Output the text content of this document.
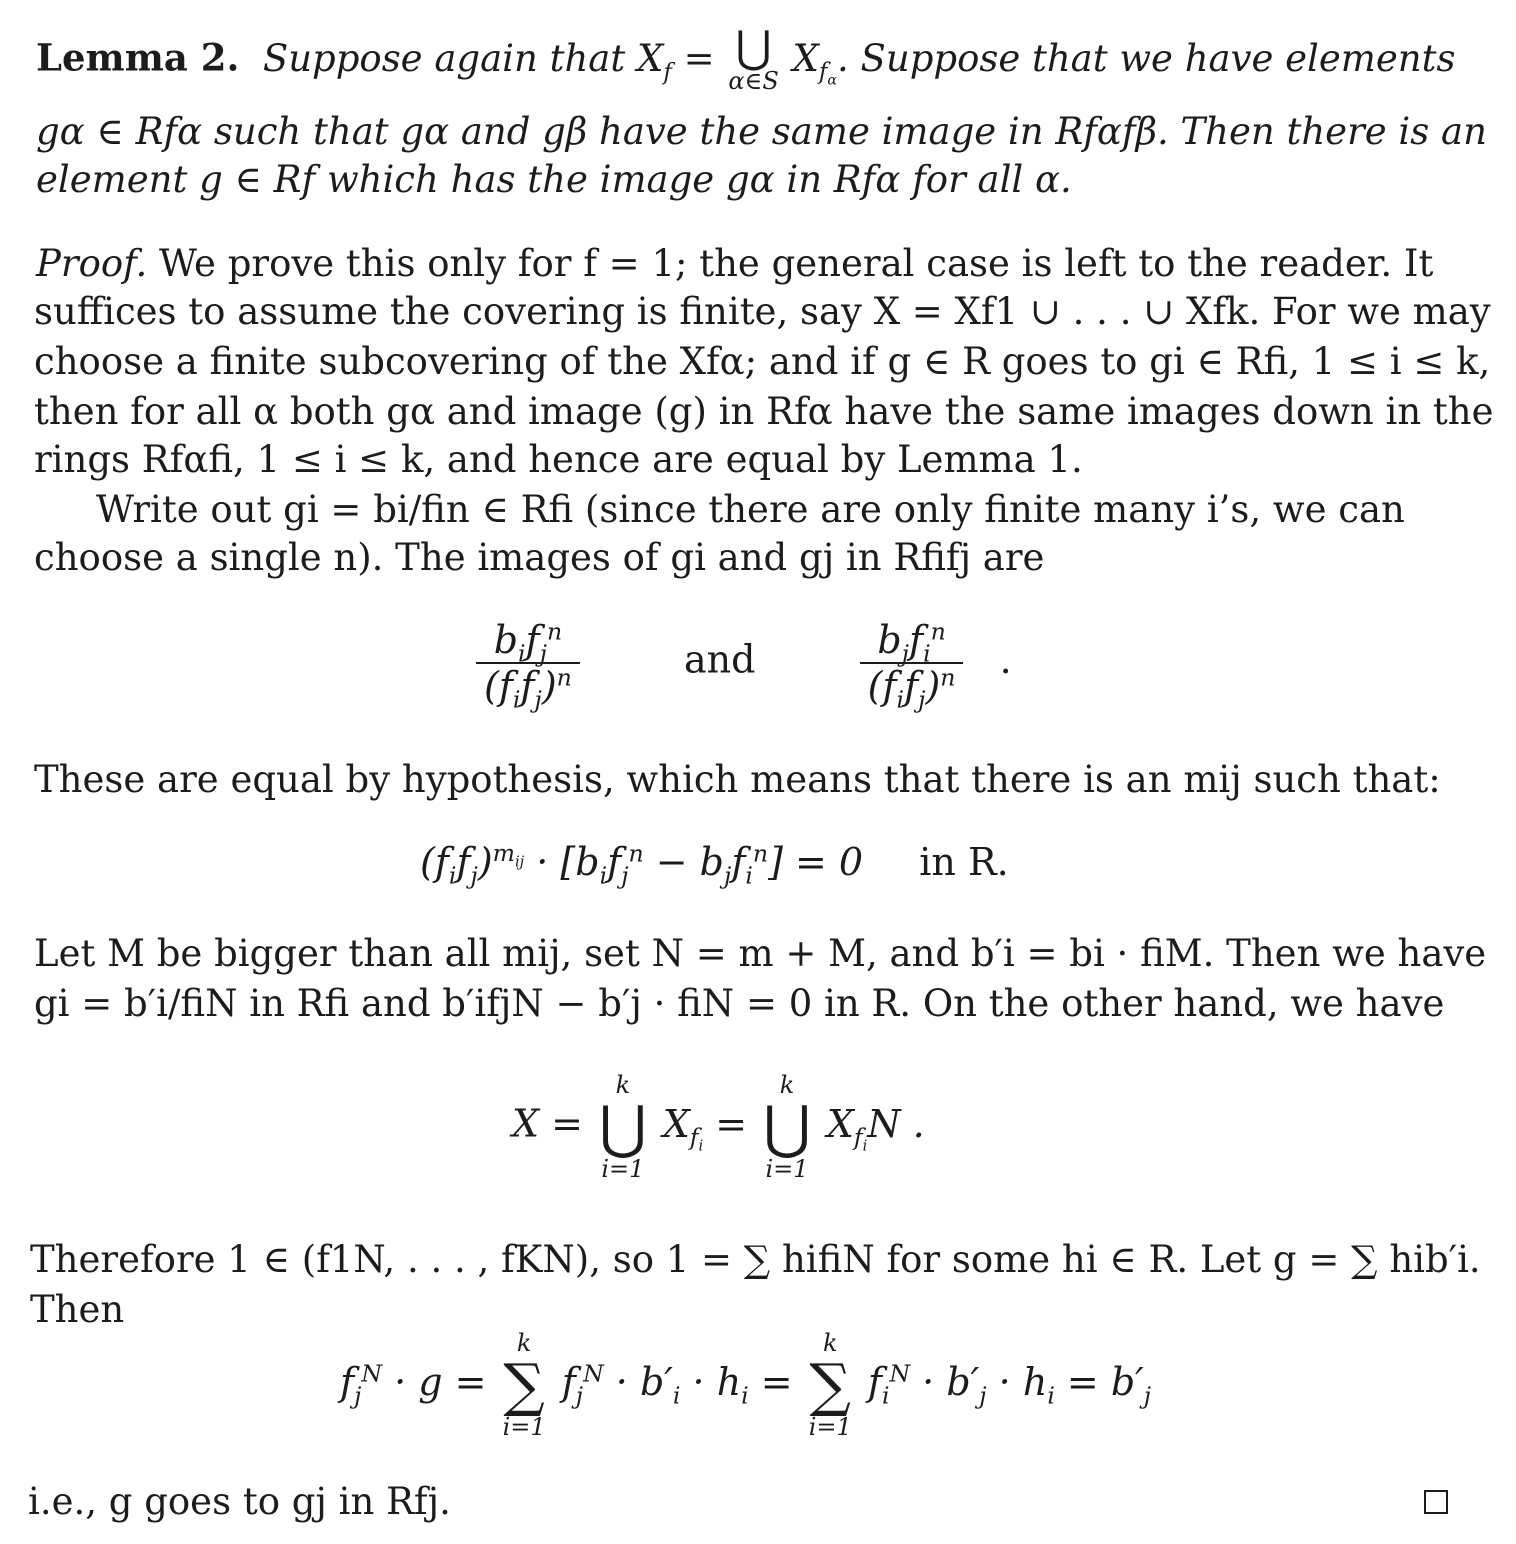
Lemma 2. Suppose again that $X_f$ = ⋃
α∈S
$X_{f_\alpha}$. Suppose that we have elements
gα ∈ Rfα such that gα and gβ have the same image in Rfαfβ. Then there is an
element g ∈ Rf which has the image gα in Rfα for all α.
Proof. We prove this only for f = 1; the general case is left to the reader. It
suffices to assume the covering is finite, say X = Xf1 ∪ . . . ∪ Xfk. For we may
choose a finite subcovering of the Xfα; and if g ∈ R goes to gi ∈ Rfi, 1 ≤ i ≤ k,
then for all α both gα and image (g) in Rfα have the same images down in the
rings Rfαfi, 1 ≤ i ≤ k, and hence are equal by Lemma 1.
Write out gi = bi/fin ∈ Rfi (since there are only finite many i’s, we can
choose a single n). The images of gi and gj in Rfifj are
$\frac{b_if_j^n}{(f_if_j)^n}$	and	$\frac{b_jf_i^n}{(f_if_j)^n}$ .
These are equal by hypothesis, which means that there is an mij such that:
$(f_if_j)^{m_{ij}} \cdot [b_if_j^n - b_jf_i^n] = 0$ in R.
Let M be bigger than all mij, set N = m + M, and b′i = bi · fiM. Then we have
gi = b′i/fiN in Rfi and b′ifjN − b′j · fiN = 0 in R. On the other hand, we have
X =
k
⋃
i=1
$X_{f_i}$ =
k
⋃
i=1
$X_{f_i}N$ .
Therefore 1 ∈ (f1N, . . . , fKN), so 1 = ∑ hifiN for some hi ∈ R. Let g = ∑ hib′i.
Then
$f_j^N \cdot g$ =
k
∑
i=1
$f_j^N \cdot b'_i \cdot h_i$ =
k
∑
i=1
$f_i^N \cdot b'_j \cdot h_i = b'_j$
i.e., g goes to gj in Rfj.
